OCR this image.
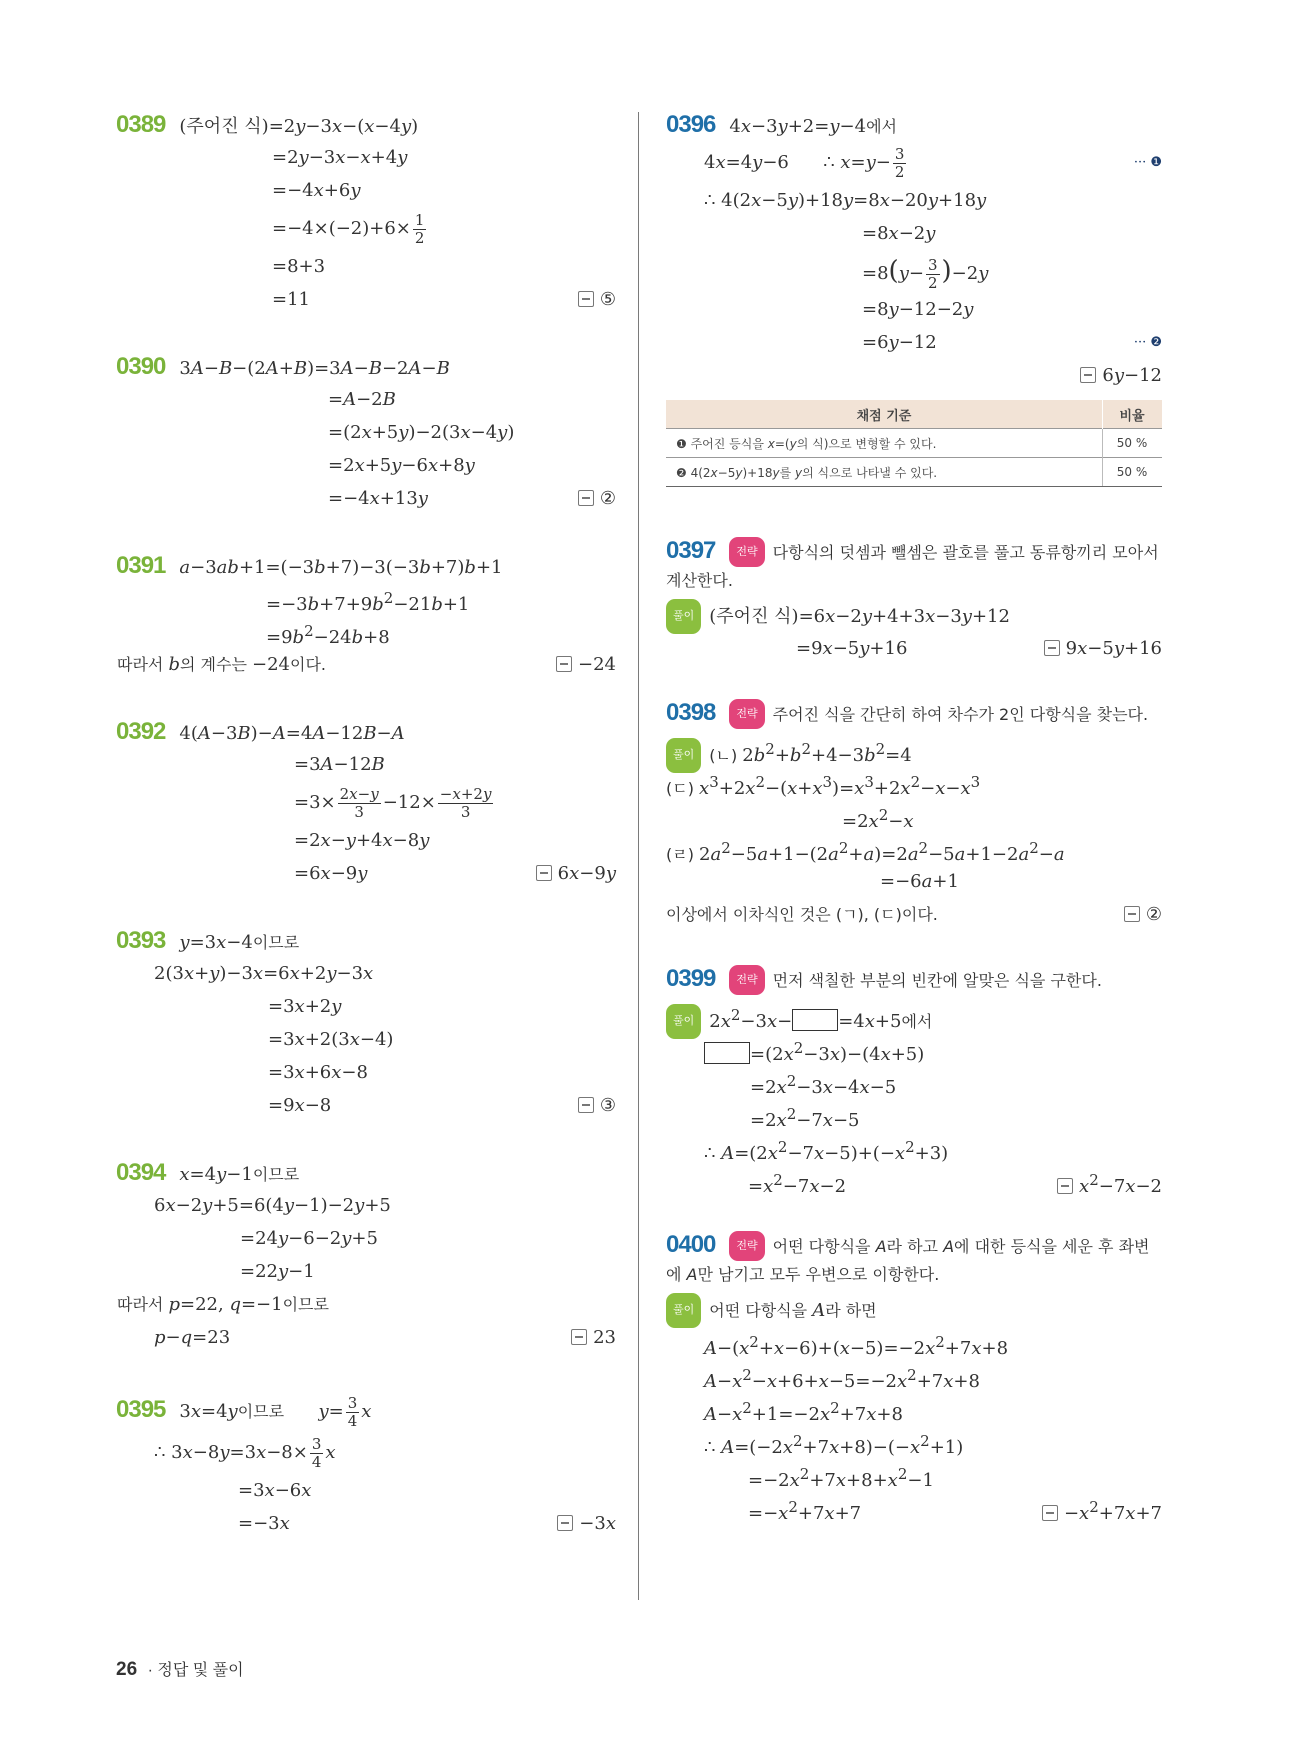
0389 (주어진 식)=2y−3x−(x−4y)
=2y−3x−x+4y
=−4x+6y
$=-4\times(-2)+6\times \frac{1}{2}$
=8+3
=11	⑤
0390 3A−B−(2A+B)=3A−B−2A−B
=A−2B
=(2x+5y)−2(3x−4y)
=2x+5y−6x+8y
=−4x+13y	②
0391 a−3ab+1=(−3b+7)−3(−3b+7)b+1
$=-3b+7+9b^2-21b+1$
$=9b^2-24b+8$
따라서 b의 계수는 −24이다.	−24
0392 4(A−3B)−A=4A−12B−A
=3A−12B
$=3\times \frac{2x-y}{3} -12\times \frac{-x+2y}{3}$
=2x−y+4x−8y
=6x−9y	6x−9y
0393 y=3x−4이므로
2(3x+y)−3x=6x+2y−3x
=3x+2y
=3x+2(3x−4)
=3x+6x−8
=9x−8	③
0394 x=4y−1이므로
6x−2y+5=6(4y−1)−2y+5
=24y−6−2y+5
=22y−1
따라서 p=22, q=−1이므로
p−q=23	23
0395 3x=4y이므로 $y= \frac{3}{4}$ x
∴ $3x-8y=3x-8\times \frac{3}{4}$ x
=3x−6x
=−3x	−3x
0396 4x−3y+2=y−4에서
4x=4y−6      ∴ $x=y- \frac{3}{2}$	··· ❶
∴ 4(2x−5y)+18y=8x−20y+18y
=8x−2y
$=8(y- \frac{3}{2} )-2y$
=8y−12−2y
=6y−12	··· ❷
6y−12
채점 기준	비율
❶ 주어진 등식을 x=(y의 식)으로 변형할 수 있다.	50 %
❷ 4(2x−5y)+18y를 y의 식으로 나타낼 수 있다.	50 %
0397 전략 다항식의 덧셈과 뺄셈은 괄호를 풀고 동류항끼리 모아서 계산한다.
풀이 (주어진 식)=6x−2y+4+3x−3y+12
=9x−5y+16	9x−5y+16
0398 전략 주어진 식을 간단히 하여 차수가 2인 다항식을 찾는다.
풀이 (ㄴ) $2b^2+b^2+4-3b^2=4$
(ㄷ) $x^3+2x^2-(x+x^3)=x^3+2x^2-x-x^3$
$=2x^2-x$
(ㄹ) $2a^2-5a+1-(2a^2+a)=2a^2-5a+1-2a^2-a$
=−6a+1
이상에서 이차식인 것은 (ㄱ), (ㄷ)이다.	②
0399 전략 먼저 색칠한 부분의 빈칸에 알맞은 식을 구한다.
풀이 $2x^2-3x-$	=4x+5에서
$=(2x^2-3x)-(4x+5)$
$=2x^2-3x-4x-5$
$=2x^2-7x-5$
∴ $A=(2x^2-7x-5)+(-x^2+3)$
$=x^2-7x-2$	$x^2-7x-2$
0400 전략 어떤 다항식을 A라 하고 A에 대한 등식을 세운 후 좌변에 A만 남기고 모두 우변으로 이항한다.
풀이 어떤 다항식을 A라 하면
$A-(x^2+x-6)+(x-5)=-2x^2+7x+8$
$A-x^2-x+6+x-5=-2x^2+7x+8$
$A-x^2+1=-2x^2+7x+8$
∴ $A=(-2x^2+7x+8)-(-x^2+1)$
$=-2x^2+7x+8+x^2-1$
$=-x^2+7x+7$	$-x^2+7x+7$
26 · 정답 및 풀이
